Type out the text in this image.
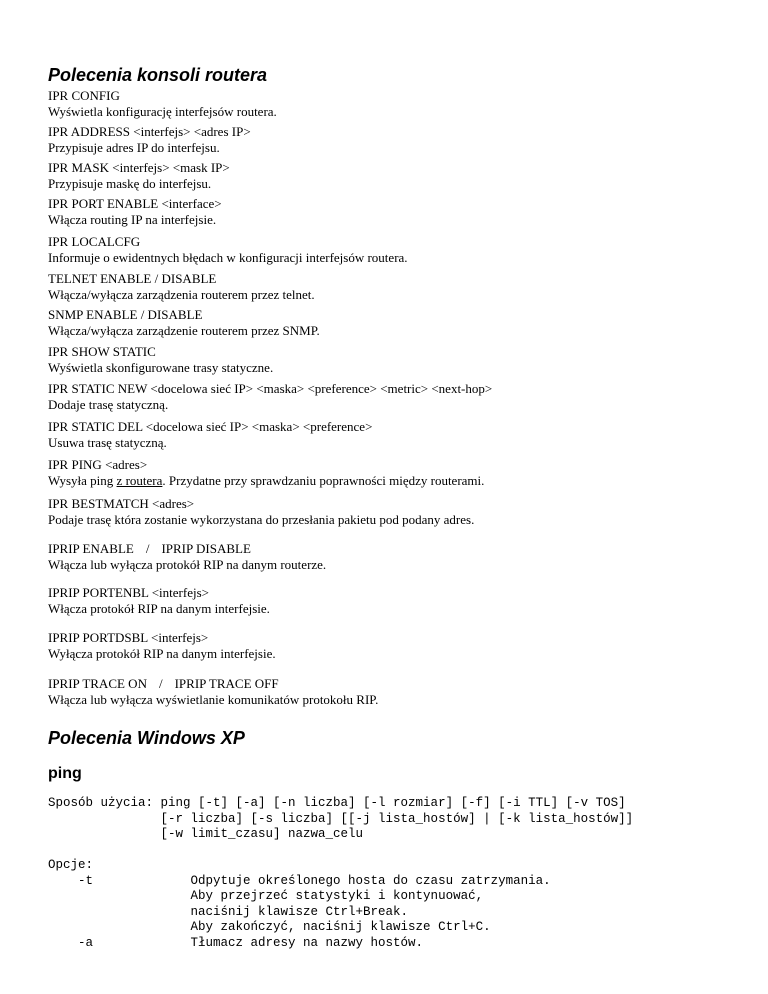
Polecenia konsoli routera
IPR CONFIG
Wyświetla konfigurację interfejsów routera.
IPR ADDRESS <interfejs> <adres IP>
Przypisuje adres IP do interfejsu.
IPR MASK <interfejs> <mask IP>
Przypisuje maskę do interfejsu.
IPR PORT ENABLE <interface>
Włącza routing IP na interfejsie.
IPR LOCALCFG
Informuje o ewidentnych błędach w konfiguracji interfejsów routera.
TELNET ENABLE / DISABLE
Włącza/wyłącza zarządzenia routerem przez telnet.
SNMP ENABLE / DISABLE
Włącza/wyłącza zarządzenie routerem przez SNMP.
IPR SHOW STATIC
Wyświetla skonfigurowane trasy statyczne.
IPR STATIC NEW <docelowa sieć IP> <maska> <preference> <metric> <next-hop>
Dodaje trasę statyczną.
IPR STATIC DEL <docelowa sieć IP> <maska> <preference>
Usuwa trasę statyczną.
IPR PING <adres>
Wysyła ping z routera. Przydatne przy sprawdzaniu poprawności między routerami.
IPR BESTMATCH <adres>
Podaje trasę która zostanie wykorzystana do przesłania pakietu pod podany adres.
IPRIP ENABLE / IPRIP DISABLE
Włącza lub wyłącza protokół RIP na danym routerze.
IPRIP PORTENBL <interfejs>
Włącza protokół RIP na danym interfejsie.
IPRIP PORTDSBL <interfejs>
Wyłącza protokół RIP na danym interfejsie.
IPRIP TRACE ON / IPRIP TRACE OFF
Włącza lub wyłącza wyświetlanie komunikatów protokołu RIP.
Polecenia Windows XP
ping
Sposób użycia: ping [-t] [-a] [-n liczba] [-l rozmiar] [-f] [-i TTL] [-v TOS]
[-r liczba] [-s liczba] [[-j lista_hostów] | [-k lista_hostów]]
[-w limit_czasu] nazwa_celu

Opcje:
-t             Odpytuje określonego hosta do czasu zatrzymania.
Aby przejrzeć statystyki i kontynuować,
naciśnij klawisze Ctrl+Break.
Aby zakończyć, naciśnij klawisze Ctrl+C.
-a             Tłumacz adresy na nazwy hostów.
